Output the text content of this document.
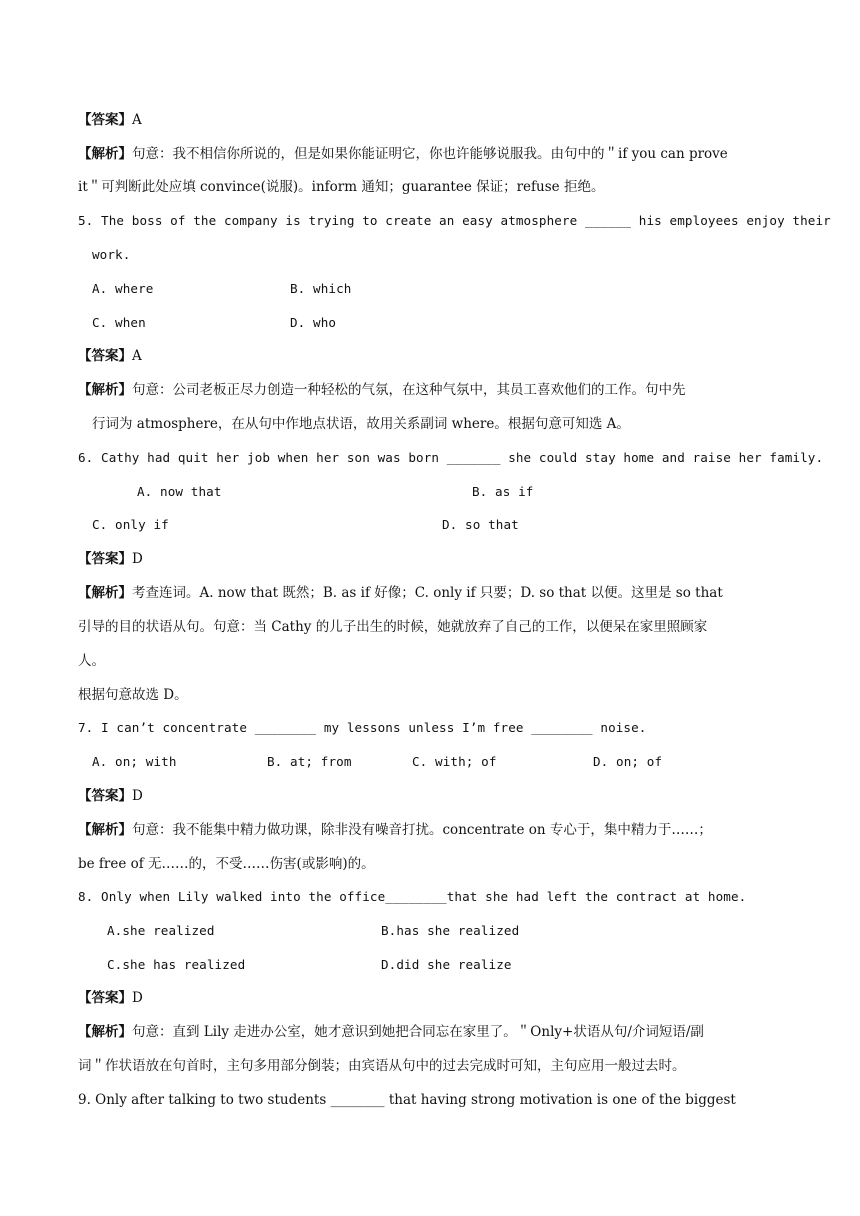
【答案】A
【解析】句意：我不相信你所说的，但是如果你能证明它，你也许能够说服我。由句中的＂if you can prove
it＂可判断此处应填 convince(说服)。inform 通知；guarantee 保证；refuse 拒绝。
5. The boss of the company is trying to create an easy atmosphere ______ his employees enjoy their
work.
A. where	B. which
C. when	D. who
【答案】A
【解析】句意：公司老板正尽力创造一种轻松的气氛，在这种气氛中，其员工喜欢他们的工作。句中先
行词为 atmosphere，在从句中作地点状语，故用关系副词 where。根据句意可知选 A。
6. Cathy had quit her job when her son was born _______ she could stay home and raise her family.
A. now that	B. as if
C. only if	D. so that
【答案】D
【解析】考查连词。A. now that 既然；B. as if 好像；C. only if 只要；D. so that 以便。这里是 so that
引导的目的状语从句。句意：当 Cathy 的儿子出生的时候，她就放弃了自己的工作，以便呆在家里照顾家
人。
根据句意故选 D。
7. I can’t concentrate ________ my lessons unless I’m free ________ noise.
A. on; with	B. at; from	C. with; of	D. on; of
【答案】D
【解析】句意：我不能集中精力做功课，除非没有噪音打扰。concentrate on 专心于，集中精力于……；
be free of 无……的，不受……伤害(或影响)的。
8. Only when Lily walked into the office________that she had left the contract at home.
A.she realized	B.has she realized
C.she has realized	D.did she realize
【答案】D
【解析】句意：直到 Lily 走进办公室，她才意识到她把合同忘在家里了。＂Only+状语从句/介词短语/副
词＂作状语放在句首时，主句多用部分倒装；由宾语从句中的过去完成时可知，主句应用一般过去时。
9. Only after talking to two students ________ that having strong motivation is one of the biggest
